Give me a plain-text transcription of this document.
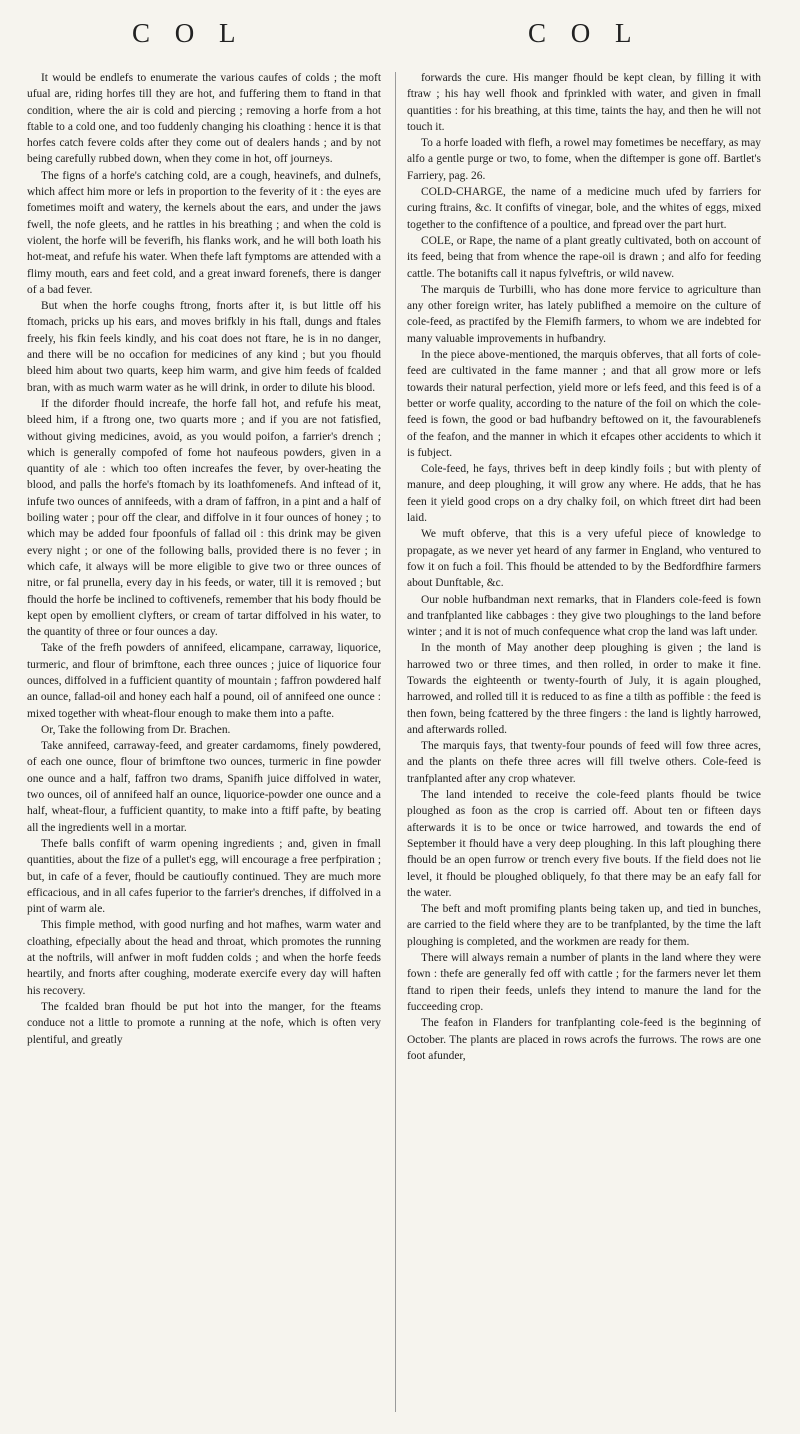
C O L	C O L

It would be endlefs to enumerate the various caufes of colds ; the moft ufual are, riding horfes till they are hot, and fuffering them to ftand in that condition, where the air is cold and piercing ; removing a horfe from a hot ftable to a cold one, and too fuddenly changing his cloathing : hence it is that horfes catch fevere colds after they come out of dealers hands ; and by not being carefully rubbed down, when they come in hot, off journeys.

The figns of a horfe's catching cold, are a cough, heavinefs, and dulnefs, which affect him more or lefs in proportion to the feverity of it : the eyes are fometimes moift and watery, the kernels about the ears, and under the jaws fwell, the nofe gleets, and he rattles in his breathing ; and when the cold is violent, the horfe will be feverifh, his flanks work, and he will both loath his hot-meat, and refufe his water. When thefe laft fymptoms are attended with a flimy mouth, ears and feet cold, and a great inward forenefs, there is danger of a bad fever.

But when the horfe coughs ftrong, fnorts after it, is but little off his ftomach, pricks up his ears, and moves brifkly in his ftall, dungs and ftales freely, his fkin feels kindly, and his coat does not ftare, he is in no danger, and there will be no occafion for medicines of any kind ; but you fhould bleed him about two quarts, keep him warm, and give him feeds of fcalded bran, with as much warm water as he will drink, in order to dilute his blood.

If the diforder fhould increafe, the horfe fall hot, and refufe his meat, bleed him, if a ftrong one, two quarts more ; and if you are not fatisfied, without giving medicines, avoid, as you would poifon, a farrier's drench ; which is generally compofed of fome hot naufeous powders, given in a quantity of ale : which too often increafes the fever, by over-heating the blood, and palls the horfe's ftomach by its loathfomenefs. And inftead of it, infufe two ounces of annifeeds, with a dram of faffron, in a pint and a half of boiling water ; pour off the clear, and diffolve in it four ounces of honey ; to which may be added four fpoonfuls of fallad oil : this drink may be given every night ; or one of the following balls, provided there is no fever ; in which cafe, it always will be more eligible to give two or three ounces of nitre, or fal prunella, every day in his feeds, or water, till it is removed ; but fhould the horfe be inclined to coftivenefs, remember that his body fhould be kept open by emollient clyfters, or cream of tartar diffolved in his water, to the quantity of three or four ounces a day.

Take of the frefh powders of annifeed, elicampane, carraway, liquorice, turmeric, and flour of brimftone, each three ounces ; juice of liquorice four ounces, diffolved in a fufficient quantity of mountain ; faffron powdered half an ounce, fallad-oil and honey each half a pound, oil of annifeed one ounce : mixed together with wheat-flour enough to make them into a pafte.

Or, Take the following from Dr. Brachen.

Take annifeed, carraway-feed, and greater cardamoms, finely powdered, of each one ounce, flour of brimftone two ounces, turmeric in fine powder one ounce and a half, faffron two drams, Spanifh juice diffolved in water, two ounces, oil of annifeed half an ounce, liquorice-powder one ounce and a half, wheat-flour, a fufficient quantity, to make into a ftiff pafte, by beating all the ingredients well in a mortar.

Thefe balls confift of warm opening ingredients ; and, given in fmall quantities, about the fize of a pullet's egg, will encourage a free perfpiration ; but, in cafe of a fever, fhould be cautioufly continued. They are much more efficacious, and in all cafes fuperior to the farrier's drenches, if diffolved in a pint of warm ale.

This fimple method, with good nurfing and hot mafhes, warm water and cloathing, efpecially about the head and throat, which promotes the running at the noftrils, will anfwer in moft fudden colds ; and when the horfe feeds heartily, and fnorts after coughing, moderate exercife every day will haften his recovery.

The fcalded bran fhould be put hot into the manger, for the fteams conduce not a little to promote a running at the nofe, which is often very plentiful, and greatly

forwards the cure. His manger fhould be kept clean, by filling it with ftraw ; his hay well fhook and fprinkled with water, and given in fmall quantities : for his breathing, at this time, taints the hay, and then he will not touch it.

To a horfe loaded with flefh, a rowel may fometimes be neceffary, as may alfo a gentle purge or two, to fome, when the diftemper is gone off. Bartlet's Farriery, pag. 26.

COLD-CHARGE, the name of a medicine much ufed by farriers for curing ftrains, &c. It confifts of vinegar, bole, and the whites of eggs, mixed together to the confiftence of a poultice, and fpread over the part hurt.

COLE, or Rape, the name of a plant greatly cultivated, both on account of its feed, being that from whence the rape-oil is drawn ; and alfo for feeding cattle. The botanifts call it napus fylveftris, or wild navew.

The marquis de Turbilli, who has done more fervice to agriculture than any other foreign writer, has lately publifhed a memoire on the culture of cole-feed, as practifed by the Flemifh farmers, to whom we are indebted for many valuable improvements in hufbandry.

In the piece above-mentioned, the marquis obferves, that all forts of cole-feed are cultivated in the fame manner ; and that all grow more or lefs towards their natural perfection, yield more or lefs feed, and this feed is of a better or worfe quality, according to the nature of the foil on which the cole-feed is fown, the good or bad hufbandry beftowed on it, the favourablenefs of the feafon, and the manner in which it efcapes other accidents to which it is fubject.

Cole-feed, he fays, thrives beft in deep kindly foils ; but with plenty of manure, and deep ploughing, it will grow any where. He adds, that he has feen it yield good crops on a dry chalky foil, on which ftreet dirt had been laid.

We muft obferve, that this is a very ufeful piece of knowledge to propagate, as we never yet heard of any farmer in England, who ventured to fow it on fuch a foil. This fhould be attended to by the Bedfordfhire farmers about Dunftable, &c.

Our noble hufbandman next remarks, that in Flanders cole-feed is fown and tranfplanted like cabbages : they give two ploughings to the land before winter ; and it is not of much confequence what crop the land was laft under.

In the month of May another deep ploughing is given ; the land is harrowed two or three times, and then rolled, in order to make it fine. Towards the eighteenth or twenty-fourth of July, it is again ploughed, harrowed, and rolled till it is reduced to as fine a tilth as poffible : the feed is then fown, being fcattered by the three fingers : the land is lightly harrowed, and afterwards rolled.

The marquis fays, that twenty-four pounds of feed will fow three acres, and the plants on thefe three acres will fill twelve others. Cole-feed is tranfplanted after any crop whatever.

The land intended to receive the cole-feed plants fhould be twice ploughed as foon as the crop is carried off. About ten or fifteen days afterwards it is to be once or twice harrowed, and towards the end of September it fhould have a very deep ploughing. In this laft ploughing there fhould be an open furrow or trench every five bouts. If the field does not lie level, it fhould be ploughed obliquely, fo that there may be an eafy fall for the water.

The beft and moft promifing plants being taken up, and tied in bunches, are carried to the field where they are to be tranfplanted, by the time the laft ploughing is completed, and the workmen are ready for them.

There will always remain a number of plants in the land where they were fown : thefe are generally fed off with cattle ; for the farmers never let them ftand to ripen their feeds, unlefs they intend to manure the land for the fucceeding crop.

The feafon in Flanders for tranfplanting cole-feed is the beginning of October. The plants are placed in rows acrofs the furrows. The rows are one foot afunder,
